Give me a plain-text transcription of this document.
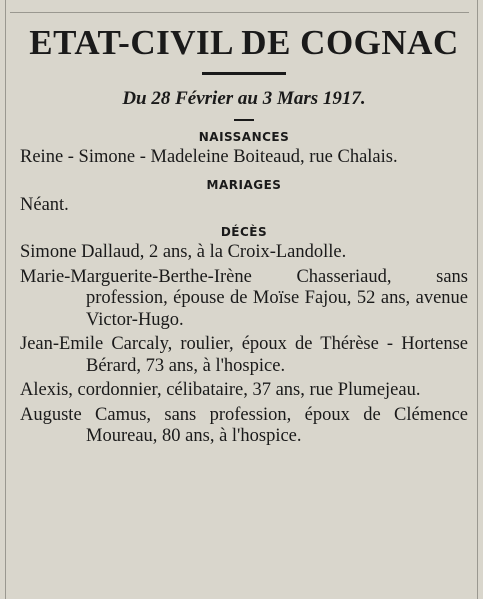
ETAT-CIVIL DE COGNAC
Du 28 Février au 3 Mars 1917.
NAISSANCES

Reine - Simone - Madeleine Boiteaud, rue Chalais.

MARIAGES

Néant.

DÉCÈS

Simone Dallaud, 2 ans, à la Croix-Landolle.

Marie-Marguerite-Berthe-Irène Chasseriaud, sans profession, épouse de Moïse Fajou, 52 ans, avenue Victor-Hugo.

Jean-Emile Carcaly, roulier, époux de Thérèse - Hortense Bérard, 73 ans, à l'hospice.

Alexis, cordonnier, célibataire, 37 ans, rue Plumejeau.

Auguste Camus, sans profession, époux de Clémence Moureau, 80 ans, à l'hospice.
